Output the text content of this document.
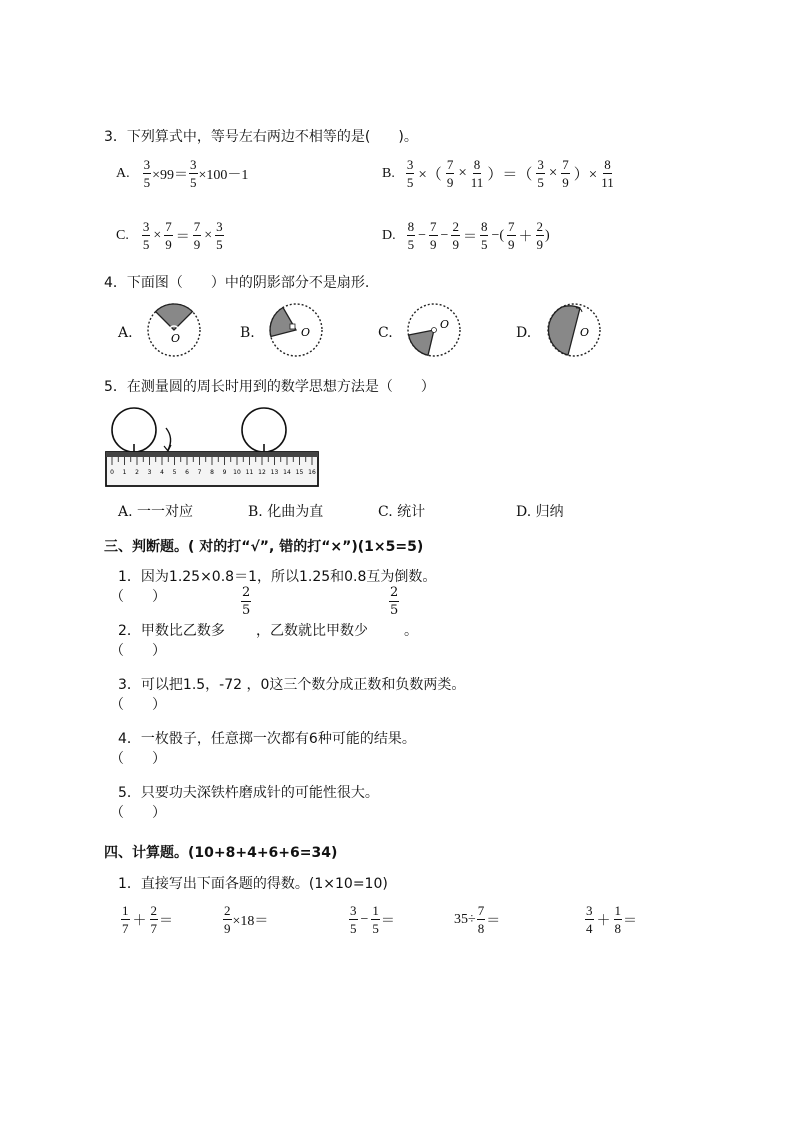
3．下列算式中，等号左右两边不相等的是(　　)。
A. $\frac{3}{5} \times 99= \frac{3}{5} \times 100-1$	B. $\frac{3}{5}$ ×（ $\frac{7}{9} \times \frac{8}{11}$ ）＝（ $\frac{3}{5} \times \frac{7}{9}$ ）× $\frac{8}{11}$
C. $\frac{3}{5} \times \frac{7}{9} = \frac{7}{9} \times \frac{3}{5}$	D. $\frac{8}{5} - \frac{7}{9} - \frac{2}{9} = \frac{8}{5}$ −( $\frac{7}{9} + \frac{2}{9}$ )
4．下面图（　　）中的阴影部分不是扇形.
A.	O	B.	O	C.
O
D.	O
5．在测量圆的周长时用到的数学思想方法是（　　）
0 1 2 3 4 5 6 7 8 9 10 11 12 13 14 15 16
A. 一一对应	B. 化曲为直	C. 统计	D. 归纳
三、判断题。( 对的打“√”, 错的打“×”)(1×5=5)
1．因为1.25×0.8＝1，所以1.25和0.8互为倒数。
（　　）
2．甲数比乙数多
$\frac{2}{5}$
，乙数就比甲数少
$\frac{2}{5}$
。
（　　）
3．可以把1.5，-72 ，0这三个数分成正数和负数两类。
（　　）
4．一枚骰子，任意掷一次都有6种可能的结果。
（　　）
5．只要功夫深铁杵磨成针的可能性很大。
（　　）
四、计算题。(10+8+4+6+6=34)
1．直接写出下面各题的得数。(1×10=10)
$\frac{1}{7} + \frac{2}{7}$ ＝	$\frac{2}{9} \times 18=$	$\frac{3}{5} - \frac{1}{5}$ ＝	$35\div \frac{7}{8}$ ＝	$\frac{3}{4} + \frac{1}{8}$ ＝
